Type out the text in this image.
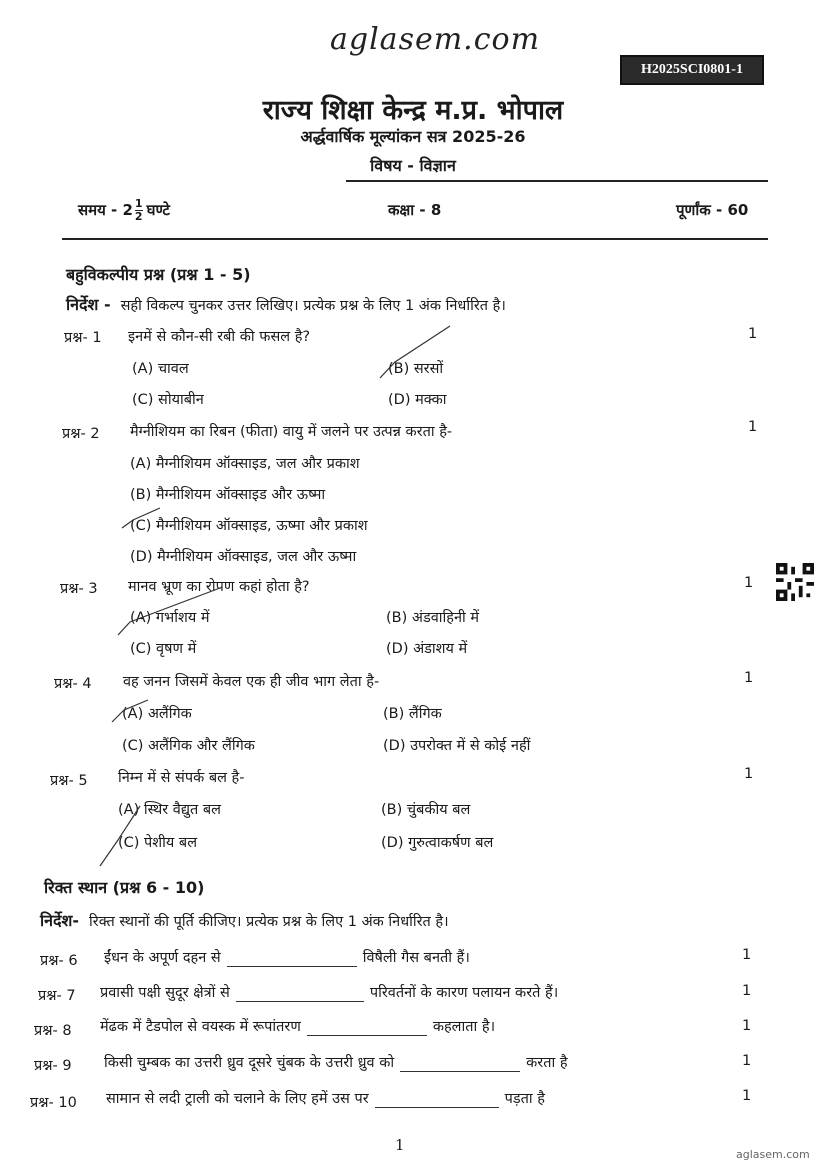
aglasem.com
H2025SCI0801-1
राज्य शिक्षा केन्द्र म.प्र. भोपाल
अर्द्धवार्षिक मूल्यांकन सत्र 2025-26
विषय - विज्ञान
समय - $2 \frac{1}{2}$ घण्टे	कक्षा - 8	पूर्णांक - 60
बहुविकल्पीय प्रश्न (प्रश्न 1 - 5)
निर्देश - सही विकल्प चुनकर उत्तर लिखिए। प्रत्येक प्रश्न के लिए 1 अंक निर्धारित है।
प्रश्न- 1 इनमें से कौन-सी रबी की फसल है?	1
(A) चावल	(B) सरसों
(C) सोयाबीन	(D) मक्का
प्रश्न- 2 मैग्नीशियम का रिबन (फीता) वायु में जलने पर उत्पन्न करता है-	1
(A) मैग्नीशियम ऑक्साइड, जल और प्रकाश
(B) मैग्नीशियम ऑक्साइड और ऊष्मा
(C) मैग्नीशियम ऑक्साइड, ऊष्मा और प्रकाश
(D) मैग्नीशियम ऑक्साइड, जल और ऊष्मा
प्रश्न- 3 मानव भ्रूण का रोपण कहां होता है?	1
(A) गर्भाशय में	(B) अंडवाहिनी में
(C) वृषण में	(D) अंडाशय में
प्रश्न- 4 वह जनन जिसमें केवल एक ही जीव भाग लेता है-	1
(A) अलैंगिक	(B) लैंगिक
(C) अलैंगिक और लैंगिक	(D) उपरोक्त में से कोई नहीं
प्रश्न- 5 निम्न में से संपर्क बल है-	1
(A) स्थिर वैद्युत बल	(B) चुंबकीय बल
(C) पेशीय बल	(D) गुरुत्वाकर्षण बल
रिक्त स्थान (प्रश्न 6 - 10)
निर्देश- रिक्त स्थानों की पूर्ति कीजिए। प्रत्येक प्रश्न के लिए 1 अंक निर्धारित है।
प्रश्न- 6 ईंधन के अपूर्ण दहन से	विषैली गैस बनती हैं।	1
प्रश्न- 7 प्रवासी पक्षी सुदूर क्षेत्रों से	परिवर्तनों के कारण पलायन करते हैं।	1
प्रश्न- 8 मेंढक में टैडपोल से वयस्क में रूपांतरण	कहलाता है।	1
प्रश्न- 9 किसी चुम्बक का उत्तरी ध्रुव दूसरे चुंबक के उत्तरी ध्रुव को	करता है	1
प्रश्न- 10 सामान से लदी ट्राली को चलाने के लिए हमें उस पर	पड़ता है	1
1
aglasem.com
